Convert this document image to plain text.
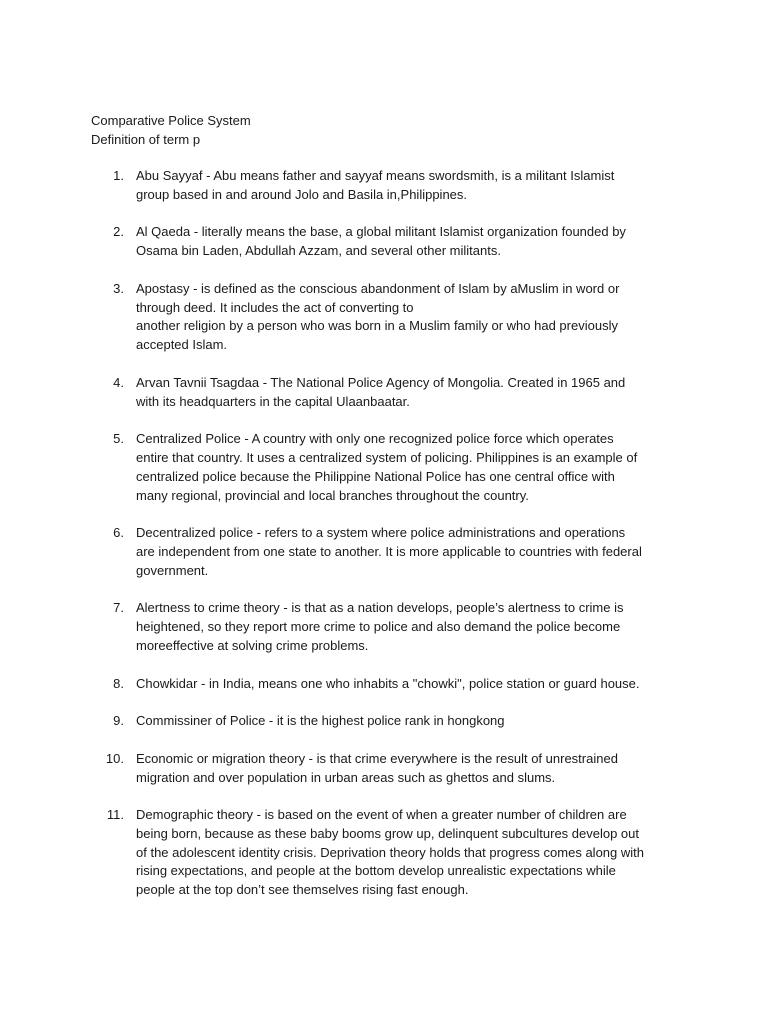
Comparative Police System
Definition of term p
1. Abu Sayyaf - Abu means father and sayyaf means swordsmith, is a militant Islamist
group based in and around Jolo and Basila in,Philippines.
2. Al Qaeda - literally means the base, a global militant Islamist organization founded by
Osama bin Laden, Abdullah Azzam, and several other militants.
3. Apostasy - is defined as the conscious abandonment of Islam by aMuslim in word or
through deed. It includes the act of converting to
another religion by a person who was born in a Muslim family or who had previously
accepted Islam.
4. Arvan Tavnii Tsagdaa - The National Police Agency of Mongolia. Created in 1965 and
with its headquarters in the capital Ulaanbaatar.
5. Centralized Police - A country with only one recognized police force which operates
entire that country. It uses a centralized system of policing. Philippines is an example of
centralized police because the Philippine National Police has one central office with
many regional, provincial and local branches throughout the country.
6. Decentralized police - refers to a system where police administrations and operations
are independent from one state to another. It is more applicable to countries with federal
government.
7. Alertness to crime theory - is that as a nation develops, people’s alertness to crime is
heightened, so they report more crime to police and also demand the police become
moreeffective at solving crime problems.
8. Chowkidar - in India, means one who inhabits a "chowki", police station or guard house.
9. Commissiner of Police - it is the highest police rank in hongkong
10. Economic or migration theory - is that crime everywhere is the result of unrestrained
migration and over population in urban areas such as ghettos and slums.
11. Demographic theory - is based on the event of when a greater number of children are
being born, because as these baby booms grow up, delinquent subcultures develop out
of the adolescent identity crisis. Deprivation theory holds that progress comes along with
rising expectations, and people at the bottom develop unrealistic expectations while
people at the top don’t see themselves rising fast enough.
